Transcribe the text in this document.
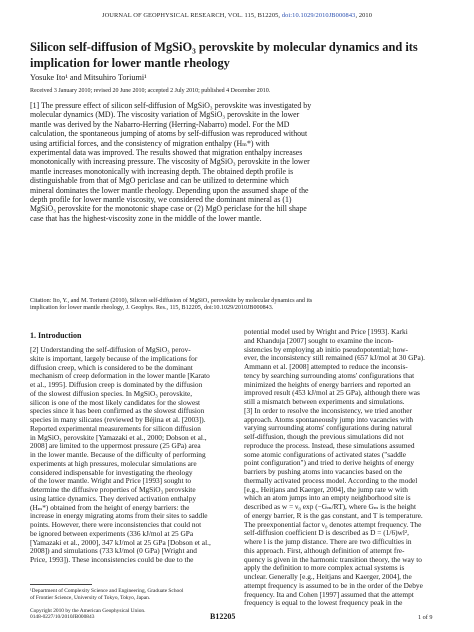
JOURNAL OF GEOPHYSICAL RESEARCH, VOL. 115, B12205, doi:10.1029/2010JB000843, 2010
Silicon self-diffusion of MgSiO₃ perovskite by molecular dynamics and its implication for lower mantle rheology
Yosuke Ito¹ and Mitsuhiro Toriumi¹
Received 3 January 2010; revised 20 June 2010; accepted 2 July 2010; published 4 December 2010.
[1] The pressure effect of silicon self-diffusion of MgSiO₃ perovskite was investigated by
molecular dynamics (MD). The viscosity variation of MgSiO₃ perovskite in the lower
mantle was derived by the Nabarro-Herring (Herring-Nabarro) model. For the MD
calculation, the spontaneous jumping of atoms by self-diffusion was reproduced without
using artificial forces, and the consistency of migration enthalpy (Hₘ*) with
experimental data was improved. The results showed that migration enthalpy increases
monotonically with increasing pressure. The viscosity of MgSiO₃ perovskite in the lower
mantle increases monotonically with increasing depth. The obtained depth profile is
distinguishable from that of MgO periclase and can be utilized to determine which
mineral dominates the lower mantle rheology. Depending upon the assumed shape of the
depth profile for lower mantle viscosity, we considered the dominant mineral as (1)
MgSiO₃ perovskite for the monotonic shape case or (2) MgO periclase for the hill shape
case that has the highest-viscosity zone in the middle of the lower mantle.
Citation: Ito, Y., and M. Toriumi (2010), Silicon self-diffusion of MgSiO₃ perovskite by molecular dynamics and its
implication for lower mantle rheology, J. Geophys. Res., 115, B12205, doi:10.1029/2010JB000843.
1. Introduction
[2] Understanding the self-diffusion of MgSiO₃ perov-
skite is important, largely because of the implications for
diffusion creep, which is considered to be the dominant
mechanism of creep deformation in the lower mantle [Karato
et al., 1995]. Diffusion creep is dominated by the diffusion
of the slowest diffusion species. In MgSiO₃ perovskite,
silicon is one of the most likely candidates for the slowest
species since it has been confirmed as the slowest diffusion
species in many silicates (reviewed by Béjina et al. [2003]).
Reported experimental measurements for silicon diffusion
in MgSiO₃ perovskite [Yamazaki et al., 2000; Dobson et al.,
2008] are limited to the uppermost pressure (25 GPa) area
in the lower mantle. Because of the difficulty of performing
experiments at high pressures, molecular simulations are
considered indispensable for investigating the rheology
of the lower mantle. Wright and Price [1993] sought to
determine the diffusive properties of MgSiO₃ perovskite
using lattice dynamics. They derived activation enthalpy
(Hₘ*) obtained from the height of energy barriers: the
increase in energy migrating atoms from their sites to saddle
points. However, there were inconsistencies that could not
be ignored between experiments (336 kJ/mol at 25 GPa
[Yamazaki et al., 2000], 347 kJ/mol at 25 GPa [Dobson et al.,
2008]) and simulations (733 kJ/mol (0 GPa) [Wright and
Price, 1993]). These inconsistencies could be due to the
potential model used by Wright and Price [1993]. Karki
and Khanduja [2007] sought to examine the incon-
sistencies by employing ab initio pseudopotential; how-
ever, the inconsistency still remained (657 kJ/mol at 30 GPa).
Ammann et al. [2008] attempted to reduce the inconsis-
tency by searching surrounding atoms' configurations that
minimized the heights of energy barriers and reported an
improved result (453 kJ/mol at 25 GPa), although there was
still a mismatch between experiments and simulations.
[3] In order to resolve the inconsistency, we tried another
approach. Atoms spontaneously jump into vacancies with
varying surrounding atoms' configurations during natural
self-diffusion, though the previous simulations did not
reproduce the process. Instead, these simulations assumed
some atomic configurations of activated states ("saddle
point configuration") and tried to derive heights of energy
barriers by pushing atoms into vacancies based on the
thermally activated process model. According to the model
[e.g., Heitjans and Kaerger, 2004], the jump rate w with
which an atom jumps into an empty neighborhood site is
described as w = ν₀ exp (−Gₘ/RT), where Gₘ is the height
of energy barrier, R is the gas constant, and T is temperature.
The preexponential factor ν₀ denotes attempt frequency. The
self-diffusion coefficient D is described as D = (1/6)wl²,
where l is the jump distance. There are two difficulties in
this approach. First, although definition of attempt fre-
quency is given in the harmonic transition theory, the way to
apply the definition to more complex actual systems is
unclear. Generally [e.g., Heitjans and Kaerger, 2004], the
attempt frequency is assumed to be in the order of the Debye
frequency. Ita and Cohen [1997] assumed that the attempt
frequency is equal to the lowest frequency peak in the
¹Department of Complexity Science and Engineering, Graduate School
of Frontier Science, University of Tokyo, Tokyo, Japan.
Copyright 2010 by the American Geophysical Union.
0148-0227/10/2010JB000843	B12205	1 of 9
